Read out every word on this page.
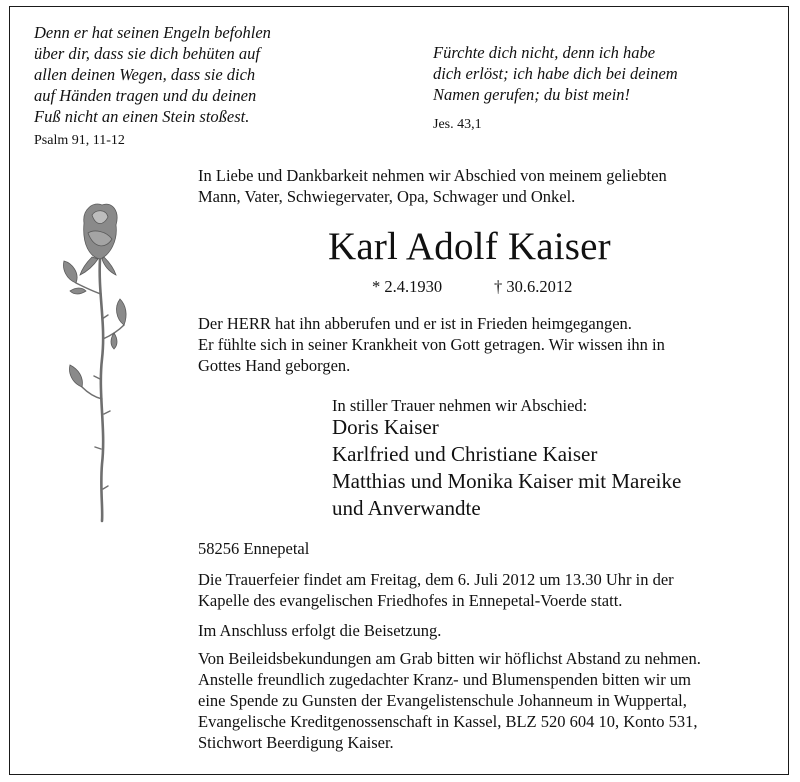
Denn er hat seinen Engeln befohlen
über dir, dass sie dich behüten auf
allen deinen Wegen, dass sie dich
auf Händen tragen und du deinen
Fuß nicht an einen Stein stoßest.
Psalm 91, 11-12
Fürchte dich nicht, denn ich habe
dich erlöst; ich habe dich bei deinem
Namen gerufen; du bist mein!
Jes. 43,1
In Liebe und Dankbarkeit nehmen wir Abschied von meinem geliebten
Mann, Vater, Schwiegervater, Opa, Schwager und Onkel.
Karl Adolf Kaiser
* 2.4.1930	† 30.6.2012
Der HERR hat ihn abberufen und er ist in Frieden heimgegangen.
Er fühlte sich in seiner Krankheit von Gott getragen. Wir wissen ihn in
Gottes Hand geborgen.
In stiller Trauer nehmen wir Abschied:
Doris Kaiser
Karlfried und Christiane Kaiser
Matthias und Monika Kaiser mit Mareike
und Anverwandte
58256 Ennepetal
Die Trauerfeier findet am Freitag, dem 6. Juli 2012 um 13.30 Uhr in der
Kapelle des evangelischen Friedhofes in Ennepetal-Voerde statt.
Im Anschluss erfolgt die Beisetzung.
Von Beileidsbekundungen am Grab bitten wir höflichst Abstand zu nehmen.
Anstelle freundlich zugedachter Kranz- und Blumenspenden bitten wir um
eine Spende zu Gunsten der Evangelistenschule Johanneum in Wuppertal,
Evangelische Kreditgenossenschaft in Kassel, BLZ 520 604 10, Konto 531,
Stichwort Beerdigung Kaiser.
